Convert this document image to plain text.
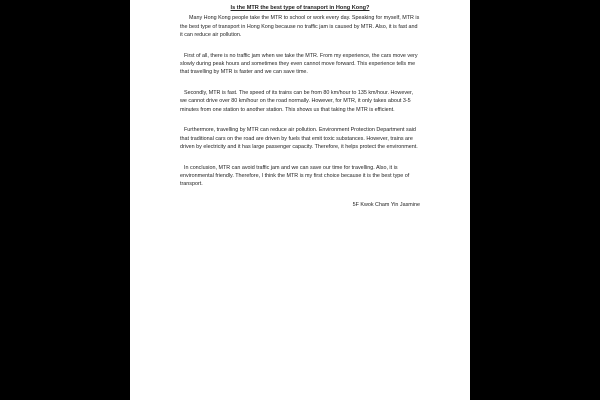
Is the MTR the best type of transport in Hong Kong?

Many Hong Kong people take the MTR to school or work every day. Speaking for myself, MTR is the best type of transport in Hong Kong because no traffic jam is caused by MTR. Also, it is fast and it can reduce air pollution.

First of all, there is no traffic jam when we take the MTR. From my experience, the cars move very slowly during peak hours and sometimes they even cannot move forward. This experience tells me that travelling by MTR is faster and we can save time.

Secondly, MTR is fast. The speed of its trains can be from 80 km/hour to 135 km/hour. However, we cannot drive over 80 km/hour on the road normally. However, for MTR, it only takes about 3-5 minutes from one station to another station. This shows us that taking the MTR is efficient.

Furthermore, travelling by MTR can reduce air pollution. Environment Protection Department said that traditional cars on the road are driven by fuels that emit toxic substances. However, trains are driven by electricity and it has large passenger capacity. Therefore, it helps protect the environment.

In conclusion, MTR can avoid traffic jam and we can save our time for travelling. Also, it is environmental friendly. Therefore, I think the MTR is my first choice because it is the best type of transport.

5F Kwok Cham Yin Jasmine
